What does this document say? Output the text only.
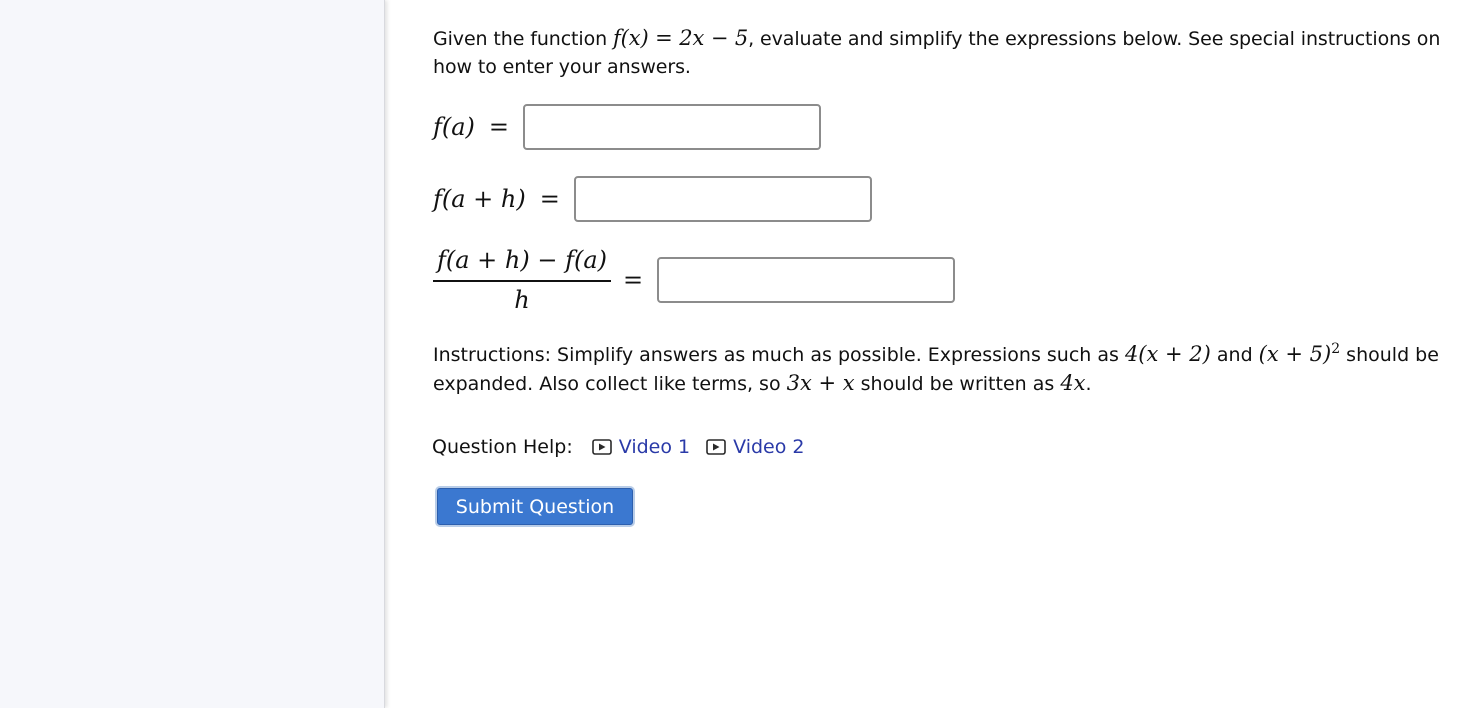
Given the function f(x) = 2x − 5, evaluate and simplify the expressions below. See special instructions on how to enter your answers.

f(a) =
f(a + h) =
$\frac{f(a + h) - f(a)}{h}$ =

Instructions: Simplify answers as much as possible. Expressions such as 4(x + 2) and $(x + 5)^2$ should be expanded. Also collect like terms, so 3x + x should be written as 4x.

Question Help: Video 1 Video 2
Submit Question
